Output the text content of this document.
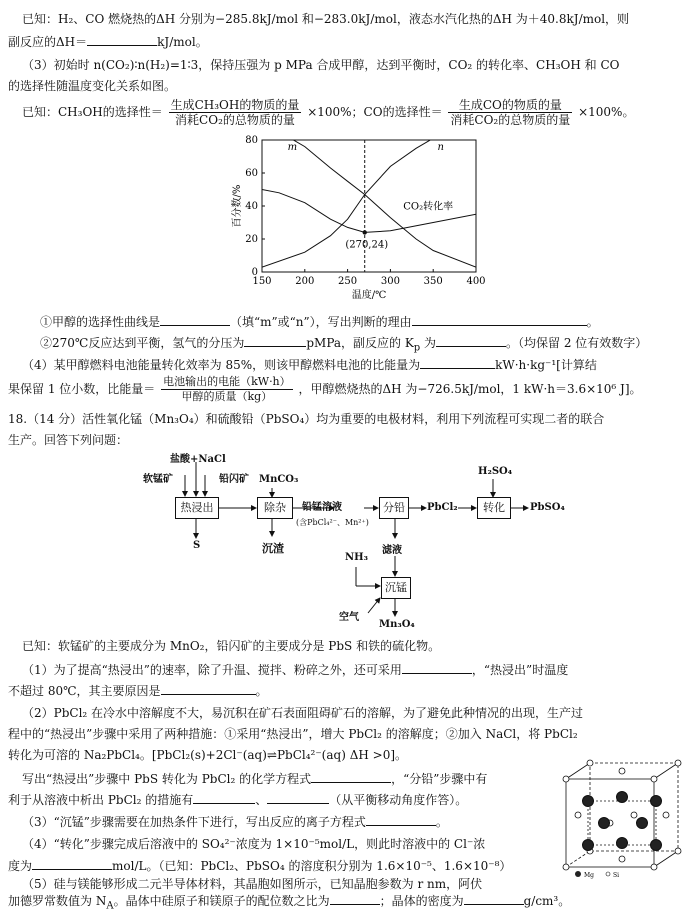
已知：H₂、CO 燃烧热的ΔH 分别为−285.8kJ/mol 和−283.0kJ/mol，液态水汽化热的ΔH 为＋40.8kJ/mol，则
副反应的ΔH＝	kJ/mol。
（3）初始时 n(CO₂)∶n(H₂)=1∶3，保持压强为 p MPa 合成甲醇，达到平衡时，CO₂ 的转化率、CH₃OH 和 CO
的选择性随温度变化关系如图。
已知：CH₃OH的选择性＝ $\frac{\text{生成CH₃OH的物质的量}}{\text{消耗CO₂的总物质的量}} \times 100\%$；CO的选择性＝ $\frac{\text{生成CO的物质的量}}{\text{消耗CO₂的总物质的量}} \times 100\%$。
150 200 250 300 350 400
0
20
40
60
80
温度/℃
百分数/%
m	n
CO₂转化率
(270,24)
①甲醇的选择性曲线是	（填“m”或“n”），写出判断的理由	。
②270℃反应达到平衡，氢气的分压为	pMPa，副反应的 $K_p$ 为	。（均保留 2 位有效数字）
（4）某甲醇燃料电池能量转化效率为 85%，则该甲醇燃料电池的比能量为	kW·h·kg⁻¹[计算结
果保留 1 位小数，比能量＝ $\frac{\text{电池输出的电能（kW·h）}}{\text{甲醇的质量（kg）}}$ ，甲醇燃烧热的ΔH 为−726.5kJ/mol，1 kW·h＝3.6×10⁶ J]。
18.（14 分）活性氧化锰（Mn₃O₄）和硫酸铅（PbSO₄）均为重要的电极材料，利用下列流程可实现二者的联合
生产。回答下列问题：
盐酸+NaCl
软锰矿	铅闪矿 MnCO₃
H₂SO₄
热浸出	除杂	铅锰溶液
(含PbCl₄²⁻、Mn²⁺)
分铅	PbCl₂	转化	PbSO₄
S	沉渣	滤液
NH₃
沉锰
空气
Mn₃O₄
已知：软锰矿的主要成分为 MnO₂，铅闪矿的主要成分是 PbS 和铁的硫化物。
（1）为了提高“热浸出”的速率，除了升温、搅拌、粉碎之外，还可采用	，“热浸出”时温度
不超过 80℃，其主要原因是	。
（2）PbCl₂ 在冷水中溶解度不大，易沉积在矿石表面阻碍矿石的溶解，为了避免此种情况的出现，生产过
程中的“热浸出”步骤中采用了两种措施：①采用“热浸出”，增大 PbCl₂ 的溶解度；②加入 NaCl，将 PbCl₂
转化为可溶的 Na₂PbCl₄。[PbCl₂(s)+2Cl⁻(aq)⇌PbCl₄²⁻(aq) ΔH >0]。
写出“热浸出”步骤中 PbS 转化为 PbCl₂ 的化学方程式	，“分铅”步骤中有
利于从溶液中析出 PbCl₂ 的措施有	、	（从平衡移动角度作答）。
（3）“沉锰”步骤需要在加热条件下进行，写出反应的离子方程式	。
（4）“转化”步骤完成后溶液中的 SO₄²⁻浓度为 1×10⁻⁵mol/L，则此时溶液中的 Cl⁻浓
度为	mol/L。（已知：PbCl₂、PbSO₄ 的溶度积分别为 1.6×10⁻⁵、1.6×10⁻⁸）
（5）硅与镁能够形成二元半导体材料，其晶胞如图所示，已知晶胞参数为 r nm，阿伏
加德罗常数值为 $N_A$。晶体中硅原子和镁原子的配位数之比为	；晶体的密度为	g/cm³。
Mg	Si
